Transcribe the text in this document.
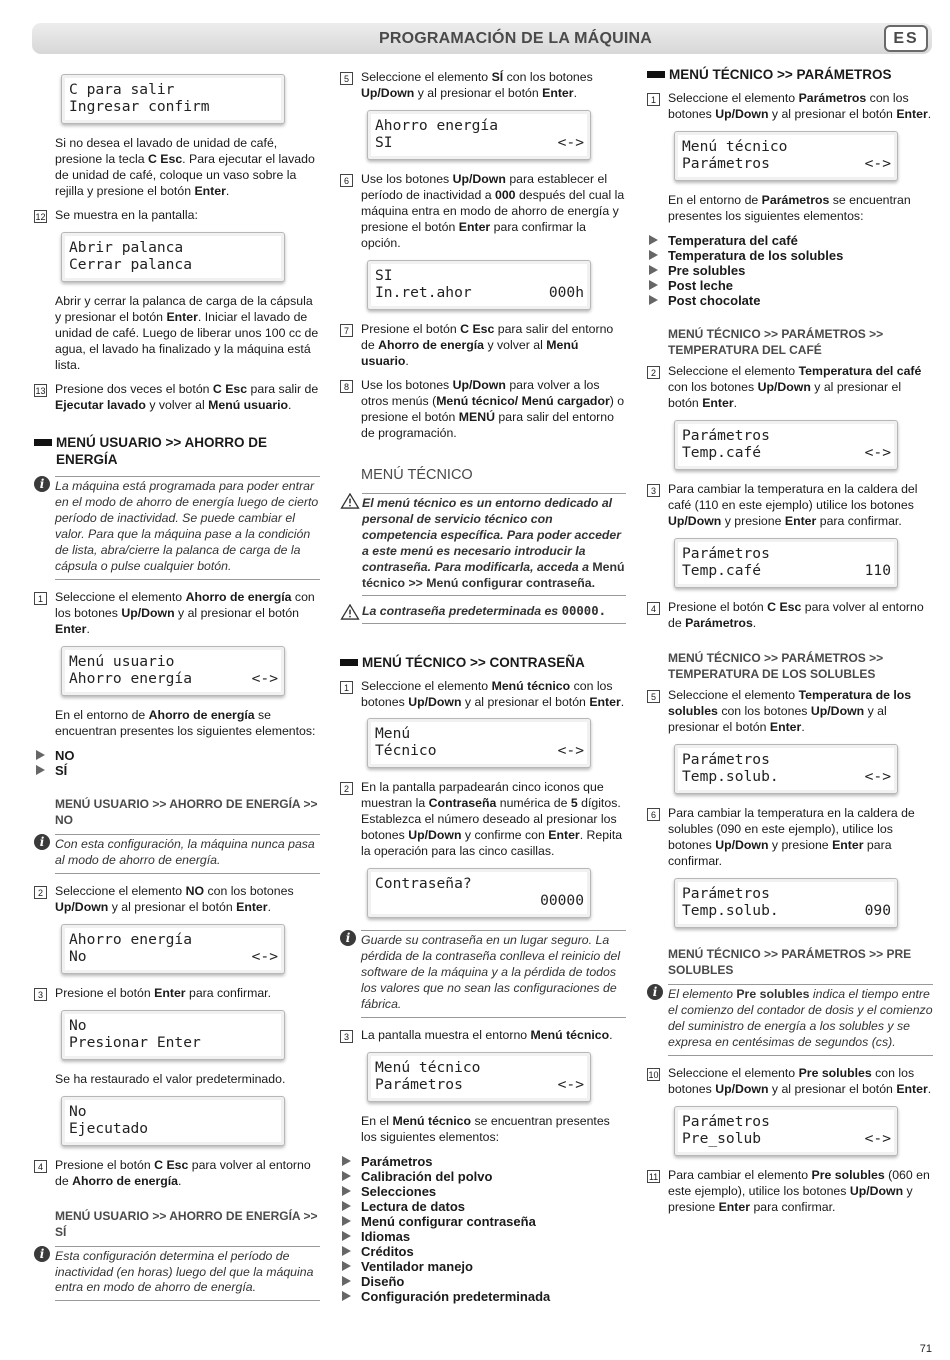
PROGRAMACIÓN DE LA MÁQUINA	ES
C para salir
Ingresar confirm

Si no desea el lavado de unidad de café, presione la tecla C Esc. Para ejecutar el lavado de unidad de café, coloque un vaso sobre la rejilla y presione el botón Enter.

12 Se muestra en la pantalla:
Abrir palanca
Cerrar palanca

Abrir y cerrar la palanca de carga de la cápsula y presionar el botón Enter. Iniciar el lavado de unidad de café. Luego de liberar unos 100 cc de agua, el lavado ha finalizado y la máquina está lista.

13 Presione dos veces el botón C Esc para salir de Ejecutar lavado y volver al Menú usuario.
MENÚ USUARIO >> AHORRO DE ENERGÍA
i La máquina está programada para poder entrar en el modo de ahorro de energía luego de cierto período de inactividad. Se puede cambiar el valor. Para que la máquina pase a la condición de lista, abra/cierre la palanca de carga de la cápsula o pulse cualquier botón.
1 Seleccione el elemento Ahorro de energía con los botones Up/Down y al presionar el botón Enter.
Menú usuario
Ahorro energía	<->

En el entorno de Ahorro de energía se encuentran presentes los siguientes elementos:

NO
SÍ
MENÚ USUARIO >> AHORRO DE ENERGÍA >> NO
i Con esta configuración, la máquina nunca pasa al modo de ahorro de energía.
2 Seleccione el elemento NO con los botones Up/Down y al presionar el botón Enter.
Ahorro energía
No	<->
3 Presione el botón Enter para confirmar.
No
Presionar Enter

Se ha restaurado el valor predeterminado.

No
Ejecutado
4 Presione el botón C Esc para volver al entorno de Ahorro de energía.
MENÚ USUARIO >> AHORRO DE ENERGÍA >> SÍ
i Esta configuración determina el período de inactividad (en horas) luego del que la máquina entra en modo de ahorro de energía.
5 Seleccione el elemento SÍ con los botones Up/Down y al presionar el botón Enter.
Ahorro energía
SI	<->
6 Use los botones Up/Down para establecer el período de inactividad a 000 después del cual la máquina entra en modo de ahorro de energía y presione el botón Enter para confirmar la opción.
SI
In.ret.ahor	000h
7 Presione el botón C Esc para salir del entorno de Ahorro de energía y volver al Menú usuario.
8 Use los botones Up/Down para volver a los otros menús (Menú técnico/ Menú cargador) o presione el botón MENÚ para salir del entorno de programación.
MENÚ TÉCNICO
El menú técnico es un entorno dedicado al personal de servicio técnico con competencia específica. Para poder acceder a este menú es necesario introducir la contraseña. Para modificarla, acceda a Menú técnico >> Menú configurar contraseña.
La contraseña predeterminada es 00000.
MENÚ TÉCNICO >> CONTRASEÑA
1 Seleccione el elemento Menú técnico con los botones Up/Down y al presionar el botón Enter.
Menú
Técnico	<->
2 En la pantalla parpadearán cinco iconos que muestran la Contraseña numérica de 5 dígitos. Establezca el número deseado al presionar los botones Up/Down y confirme con Enter. Repita la operación para las cinco casillas.
Contraseña?
00000
i Guarde su contraseña en un lugar seguro. La pérdida de la contraseña conlleva el reinicio del software de la máquina y a la pérdida de todos los valores que no sean las configuraciones de fábrica.
3 La pantalla muestra el entorno Menú técnico.
Menú técnico
Parámetros	<->

En el Menú técnico se encuentran presentes los siguientes elementos:

Parámetros
Calibración del polvo
Selecciones
Lectura de datos
Menú configurar contraseña
Idiomas
Créditos
Ventilador manejo
Diseño
Configuración predeterminada
MENÚ TÉCNICO >> PARÁMETROS
1 Seleccione el elemento Parámetros con los botones Up/Down y al presionar el botón Enter.
Menú técnico
Parámetros	<->

En el entorno de Parámetros se encuentran presentes los siguientes elementos:

Temperatura del café
Temperatura de los solubles
Pre solubles
Post leche
Post chocolate
MENÚ TÉCNICO >> PARÁMETROS >> TEMPERATURA DEL CAFÉ
2 Seleccione el elemento Temperatura del café con los botones Up/Down y al presionar el botón Enter.
Parámetros
Temp.café	<->
3 Para cambiar la temperatura en la caldera del café (110 en este ejemplo) utilice los botones Up/Down y presione Enter para confirmar.
Parámetros
Temp.café	110
4 Presione el botón C Esc para volver al entorno de Parámetros.
MENÚ TÉCNICO >> PARÁMETROS >> TEMPERATURA DE LOS SOLUBLES
5 Seleccione el elemento Temperatura de los solubles con los botones Up/Down y al presionar el botón Enter.
Parámetros
Temp.solub.	<->
6 Para cambiar la temperatura en la caldera de solubles (090 en este ejemplo), utilice los botones Up/Down y presione Enter para confirmar.
Parámetros
Temp.solub.	090
MENÚ TÉCNICO >> PARÁMETROS >> PRE SOLUBLES
i El elemento Pre solubles indica el tiempo entre el comienzo del contador de dosis y el comienzo del suministro de energía a los solubles y se expresa en centésimas de segundos (cs).
10 Seleccione el elemento Pre solubles con los botones Up/Down y al presionar el botón Enter.
Parámetros
Pre_solub	<->
11 Para cambiar el elemento Pre solubles (060 en este ejemplo), utilice los botones Up/Down y presione Enter para confirmar.
71
